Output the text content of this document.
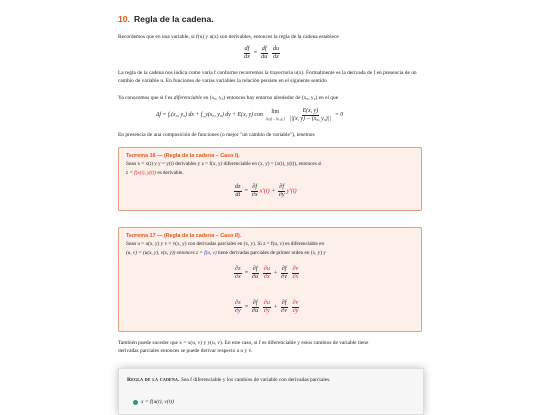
10. Regla de la cadena.

Recordemos que en una variable, si f(u) y u(x) son derivables, entonces la regla de la cadena establece

$\frac{df}{dx} = \frac{df}{du}$
$\frac{du}{dx}$

La regla de la cadena nos indica como varía f conforme recorremos la trayectoria u(x). Formalmente es la derivada de f en presencia de un cambio de variable u. En funciones de varias variables la relación persiste en el siguiente sentido

Ya conocemos que si f es diferenciable en (x₀, y₀) entonces hay entorno alrededor de (x₀, y₀) en el que

Δf = fₓ(x₀, y₀) dx + f_y(x₀, y₀) dy + E(x, y) con lim
$(x,y)\to(x_0,y_0) \frac{E(x, y)}{\text{||(x, y) − (x₀, y₀)||}} = 0$

En presencia de una composición de funciones (o mejor "un cambio de variable"), tenemos

Teorema 16 — (Regla de la cadena – Caso I).
Sean x = x(t) y y = y(t) derivables y z = f(x, y) diferenciable en (x, y) = (x(t), y(t)), entonces si
z = f(x(t), y(t)) es derivable.
$\frac{dz}{dt} = \frac{\partial f}{\partial x} x'(t) + \frac{\partial f}{\partial y} y'(t)$
Teorema 17 — (Regla de la cadena – Caso II).
Sean u = u(x, y) y v = v(x, y) con derivadas parciales en (x, y). Si z = f(u, v) es diferenciable en
(u, v) = (u(x, y), v(x, y)) entonces z = f(u, v) tiene derivadas parciales de primer orden en (x, y) y
$\frac{\partial z}{\partial x} = \frac{\partial f}{\partial u}$
$\frac{\partial u}{\partial x} + \frac{\partial f}{\partial v}$
$\frac{\partial v}{\partial x}$
$\frac{\partial z}{\partial y} = \frac{\partial f}{\partial u}$
$\frac{\partial u}{\partial y} + \frac{\partial f}{\partial v}$
$\frac{\partial v}{\partial y}$

También puede suceder que x = x(u, v) y y(u, v). En este caso, si f es diferenciable y estos cambios de variable tiene
derivadas parciales entonces se puede derivar respecto a u y v.

Regla de la cadena. Sea f diferenciable y los cambios de variable con derivadas parciales.
x = f(u(t), v(t))
